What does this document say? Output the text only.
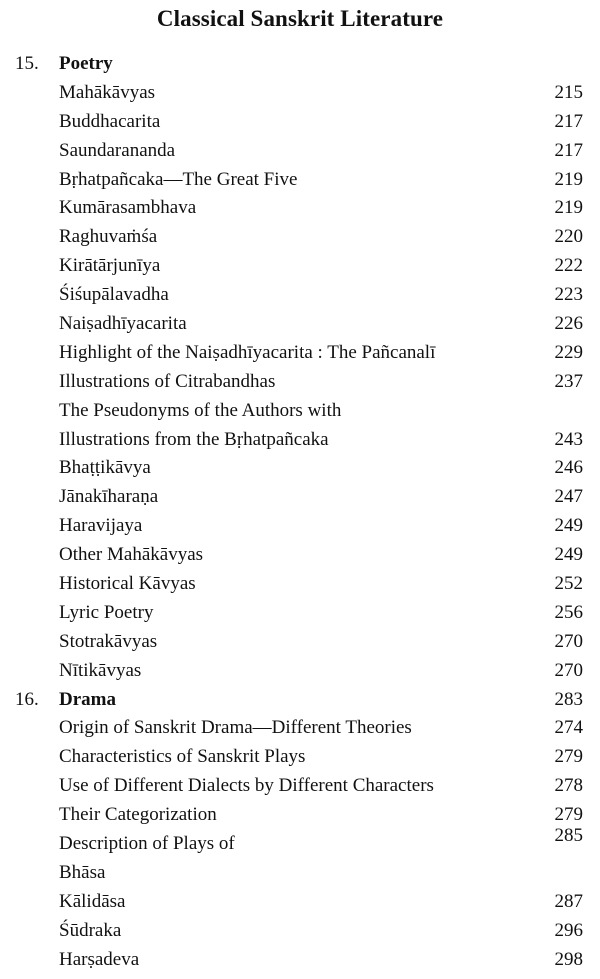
Classical Sanskrit Literature
15. Poetry
Mahākāvyas	215
Buddhacarita	217
Saundarananda	217
Bṛhatpañcaka—The Great Five	219
Kumārasambhava	219
Raghuvaṁśa	220
Kirātārjunīya	222
Śiśupālavadha	223
Naiṣadhīyacarita	226
Highlight of the Naiṣadhīyacarita : The Pañcanalī	229
Illustrations of Citrabandhas	237
The Pseudonyms of the Authors with
Illustrations from the Bṛhatpañcaka	243
Bhaṭṭikāvya	246
Jānakīharaṇa	247
Haravijaya	249
Other Mahākāvyas	249
Historical Kāvyas	252
Lyric Poetry	256
Stotrakāvyas	270
Nītikāvyas	270
16. Drama	283
Origin of Sanskrit Drama—Different Theories	274
Characteristics of Sanskrit Plays	279
Use of Different Dialects by Different Characters	278
Their Categorization	279
Description of Plays of	285
Bhāsa
Kālidāsa	287
Śūdraka	296
Harṣadeva	298
